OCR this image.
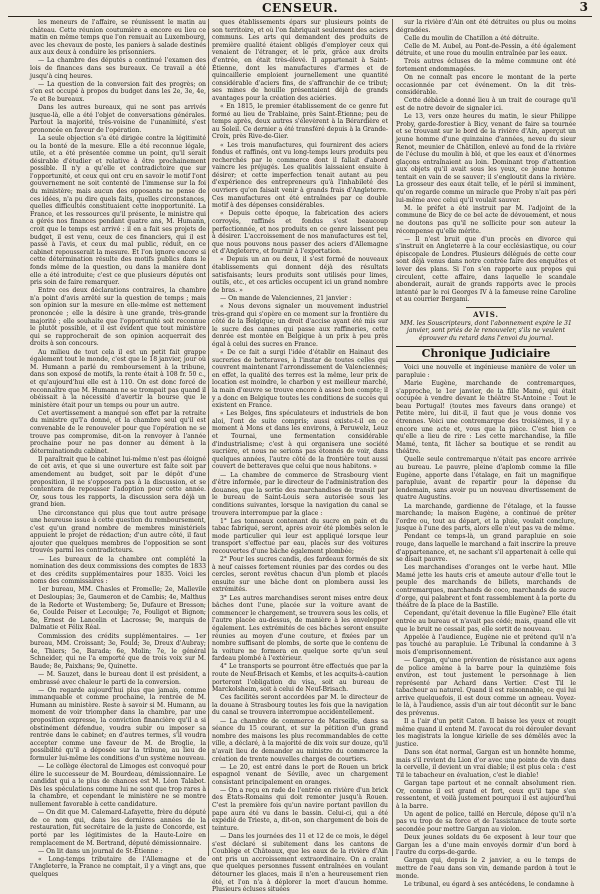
CENSEUR.	3

les meneurs de l'affaire, se réunissent le matin au château. Cette réunion coutumière a encore eu lieu ce matin en même temps que l'on remuait au Luxembourg, avec les chevaux de poste, les paniers à salade destinés aux aux deux à conduire les prisonniers.

— La chambre des députés a continué l'examen des lois de finances dans ses bureaux. Ce travail a été jusqu'à cinq heures.

— La question de la conversion fait des progrès; on s'en est occupé à propos du budget dans les 2e, 3e, 4e, 7e et 8e bureaux.

Dans les autres bureaux, qui ne sont pas arrivés jusque-là, elle a été l'objet de conversations générales. Partout la majorité, très-voisine de l'unanimité, s'est prononcée en faveur de l'opération.

La seule objection s'a été dirigée contre la légitimité ou la bonté de la mesure. Elle a été reconnue légale, utile, et a été présentée comme un point, qu'il serait désirable d'étudier et relative à être prochainement possible. Il n'y a qu'elle et contradictoire que sur l'opportunité, et ceux qui ont cru en savoir le motif l'ont gouvernement ne soit contenté de l'immense sur la foi du ministère; mais aucun des opposants ne pense de ces idées, n'a pu dire quels faits, quelles circonstances, quelles difficultés constituaient cette inopportunité. La France, et les ressources qu'il présente, le ministre qui a gérés nos finances pendant quatre ans, M. Humann, croit que le temps est arrivé : il en a fait ses projets de budget, il est venu, ceux de ces financiers, qui il est passé à l'avis, et ceux du mal public, réduit, en ce cabinet repousserait la mesure. Et l'on ignore encore si cette détermination résulte des motifs publics dans le fonds même de la question, ou dans la manière dont elle a été introduite; c'est ce que plusieurs députés ont pris soin de faire remarquer.

Entre ces deux déclarations contraires, la chambre n'a point d'avis arrêté sur la question de temps ; mais son opinion sur la mesure en elle-même est nettement prononcée ; elle la désire à une grande, très-grande majorité ; elle souhaite que l'opportunité soit reconnue le plutôt possible, et il est évident que tout ministère qui se rapprocherait de son opinion acquerrait des droits à son concours.

Au milieu de tout cela il est un petit fait grappe également tout le monde, c'est que le 18 janvier, jour où M. Humann a parlé du remboursement à la tribune, dans son exposé de motifs, la rente était à 108 fr. 50 c., et qu'aujourd'hui elle est à 110. On est donc forcé de reconnaître que M. Humann ne se trompait pas quand il obéissait à la nécessité d'avertir la bourse que le ministère était pour un temps ou pour un autre.

Cet avertissement a manqué son effet par la retraite du ministre qu'l'a donné, et la chambre seul qu'il est convenable de le renouveler pour que l'opération ne se trouve pas compromise, dit-on la renvoyer à l'année prochaine pour ne pas donner au dément à la déterminationdu cabinet.

Il paraîtrait que le cabinet lui-même n'est pas éloigné de cet avis, et que si une ouverture est faite soit par amendement au budget, soit par le dépôt d'une proposition, il ne s'opposera pas à la discussion, et se contentera de repousser l'adoption pour cette année. Or, sous tous les rapports, la discussion sera déjà un grand bien.

Une circonstance qui plus que tout autre présage une heureuse issue à cette question du remboursement, c'est qu'un grand nombre de membres ministériels appuient le projet de rédaction; d'un autre côté, il faut ajouter que quelques membres de l'opposition se sont trouvés parmi les contradicteurs.

— Les bureaux de la chambre ont complété la nomination des deux commissions des comptes de 1833 et des crédits supplémentaires pour 1835. Voici les noms des commissaires :

1er bureau, MM. Chasles et Fromelle; 2e, Mallevile et Desloupias; 3e, Gaumeron et de Cambis; 4e, Malthus de la Redorte et Wustemberg; 5e, Dufaure et Bresson; 6e, Coulde Peiser et Lecoulge; 7e, Fouligot et Bignon; 8e, Ernest de Lancelin et Lacrosse; 9e, marquis de Dalmatie et Félix Réal.

Commission des crédits supplémentaires. — 1er bureau, MM. Croissant; 3e, Fould; 3e, Dreux d'Aubray; 4e, Thiers; 5e, Barada; 6e, Molin; 7e, le général Schneider, qui ne l'a emporté que de trois voix sur M. Baude; 8e, Paixhans; 9e, Quinette.

— M. Sauzet, dans le bureau dont il est président, a embrassé avec chaleur le parti de la conversion.

— On regarde aujourd'hui plus que jamais, comme immanquable et comme prochaine, la rentrée de M. Humann au ministère. Reste à savoir si M. Humann, au moment de voir triompher dans la chambre, par une proposition expresse, la conviction financière qu'il a si obstinément défendue, voudra subir ou imposer sa rentrée dans le cabinet; en d'autres termes, s'il voudra accepter comme une faveur de M. de Broglie, la possibilité qu'il a déposée sur la tribune, au lieu de formuler lui-même les conditions d'un système nouveau.

— Le collège électoral de Limoges est convoqué pour élire le successeur de M. Bourdeau, démissionnaire. Le candidat qui a le plus de chances est M. Léon Talabot. Dès les spéculations comme lui ne sont que trop rares à la chambre, et cependant le ministère ne se montre nullement favorable à cette candidature.

— On dit que M. Calemard-Lafayette, frère du député de ce nom qui, dans les dernières années de la restauration, fut secrétaire de la juste de Concorde, est porté par les légitimistes de la Haute-Loire en remplacement de M. Bertrand, député démissionnaire.

— On lit dans un journal de St-Étienne :

« Long-temps tributaire de l'Allemagne et de l'Angleterre, la France ne comptait, il y a vingt ans, que quelques

ques établissements épars sur plusieurs points de son territoire, et où l'on fabriquait seulement des aciers communs. Les arts qui demandent des produits de première qualité étaient obligés d'employer ceux qui venaient de l'étranger, et le prix, grâce aux droits d'entrée, en était très-élevé. Il appartenait à Saint-Étienne, dont les manufactures d'armes et de quincaillerie emploient journellement une quantité considérable d'aciers fins, de s'affranchir de ce tribut; ses mines de houille présentaient déjà de grands avantages pour la création des aciéries.

« En 1815, le premier établissement de ce genre fut formé au lieu de Trablaine, près Saint-Étienne; peu de temps après, deux autres s'élevèrent à la Bérardière et au Soleil. Ce dernier a été transféré depuis à la Grande-Croix, près Rive-de-Gier.

« Les trois manufactures, qui fournirent des aciers fondus et raffinés, ont vu long-temps leurs produits peu recherchés par le commerce dont il fallait d'abord vaincre les préjugés. Les qualités laissaient ensuite à désirer; et cette imperfection tenait autant au peu d'expérience des entrepreneurs qu'à l'inhabileté des ouvriers qu'on faisait venir à grands frais d'Angleterre. Ces manufactures ont été entraînées par ce double motif à des dépenses considérables.

« Depuis cette époque, la fabrication des aciers corroyés, raffinés et fondus s'est beaucoup perfectionnée, et nos produits en ce genre laissent peu à désirer. L'accroissement de nos manufactures est tel, que nous pouvons nous passer des aciers d'Allemagne et d'Angleterre, et fournir à l'exportation.

« Depuis un an ou deux, il s'est formé de nouveaux établissements qui donnent déjà des résultats satisfaisants; leurs produits sont utilisés pour limes, outils, etc., et ces articles occupent ici un grand nombre de bras. »

— On mande de Valenciennes, 21 janvier :

« Nous devons signaler un mouvement industriel très-grand qui s'opère en ce moment sur la frontière du côté de la Belgique; un droit d'accise ayant été mis sur le sucre des cannes qui passe aux raffineries, cette denrée est montée en Belgique à un prix à peu près égal à celui des sucres en France.

« De ce fait a surgi l'idée d'établir en Hainaut des sucreries de betteraves, à l'instar de toutes celles qui couvrent maintenant l'arrondissement de Valenciennes; en effet, la qualité des terres est la même, leur prix de location est moindre, le charbon y est meilleur marché, la main d'œuvre se trouve encore à assez bon compte; il y a donc en Belgique toutes les conditions de succès qui existent en France.

« Les Belges, fins spéculateurs et industriels de bon aloi, l'ont de suite compris; aussi existe-t-il en ce moment à Mons et dans les environs, à Peruwelz, Leuz et Tournai, une fermentation considérable d'industrialisme; c'est à qui organisera une société sucrière, et nous ne serions pas étonnés de voir, dans quelques années, l'autre côté de la frontière tout aussi couvert de betteraves que celui que nous habitons. »

— La chambre de commerce de Strasbourg vient d'être informée, par le directeur de l'administration des douanes, que la sortie des marchandises de transit par le bureau de Saint-Louis sera autorisée sous les conditions suivantes, lorsque la navigation du canal se trouvera interrompue par la glace :

1° Les tonneaux contenant du sucre en pain et du tabac fabriqué, seront, après avoir été plombés selon le mode particulier qui leur est appliqué lorsque leur transport s'effectue par eau, placés sur des voitures recouvertes d'une bâche également plombée;

2° Pour les sucres candis, des fardeaux formés de six à neuf caisses fortement réunies par des cordes ou des cercles, seront revêtus chacun d'un plomb et placés ensuite sur une bâche dont on plombera aussi les extrémités.

3° Les autres marchandises seront mises entre deux bâches dont l'une, placée sur la voiture avant de commencer le chargement, se trouvera sous les colis, et l'autre placée au-dessus, de manière à les envelopper également. Les extrémités de ces bâches seront ensuite réunies au moyen d'une couture, et fixées par un nombre suffisant de plombs, de sorte que le contenu de la voiture ne formera en quelque sorte qu'un seul fardeau plombé à l'extérieur.

4° Le transports se pourront être effectués que par la route de Neuf-Brisach et Kembs, et les acquits-à-caution porteront l'obligation du visa, soit au bureau de Marckolsheim, soit à celui de Neuf-Brisach.

Ces facilités seront accordées par M. le directeur de la douane à Strasbourg toutes les fois que la navigation du canal se trouvera interrompue accidentellement.

— La chambre de commerce de Marseille, dans sa séance du 15 courant, et sur la pétition d'un grand nombre des maisons les plus recommandables de cette ville, a déclaré, à la majorité de dix voix sur douze, qu'il n'avait lieu de demander au ministre du commerce la création de trente nouvelles charges de courtiers.

— Le 20, est entré dans le port de Rouen un brick espagnol venant de Séville, avec un chargement consistant principalement en oranges.

— On a reçu en rade de l'entrée en rivière d'un brick des États-Romains qui doit remonter jusqu'à Rouen. C'est la première fois qu'un navire portant pavillon du pape aura été vu dans le bassin. Celui-ci, qui a été expédié de Trieste, a, dit-on, son chargement de bois de teinture.

— Dans les journées des 11 et 12 de ce mois, le dégel s'est déclaré si subitement dans les cantons de Coublège et Châteaux, que les eaux de la rivière d'Ain ont pris un accroissement extraordinaire. On a craint que quelques personnes fussent entraînées en voulant détourner les glaces, mais il n'en a heureusement rien été, et l'on n'a à déplorer la mort d'aucun homme. Plusieurs écluses situées

sur la rivière d'Ain ont été détruites ou plus ou moins dégradées.

Celle du moulin de Chatillon a été détruite.

Celle de M. Aubel, au Pont-de-Pessin, a été également détruite, et une roue du moulin entraînée par les eaux.

Trois autres écluses de la même commune ont été fortement endommagées.

On ne connaît pas encore le montant de la perte occasionnée par cet événement. On la dit très-considérable.

Cette débâcle a donné lieu à un trait de courage qu'il est de notre devoir de signaler ici.

Le 13, vers onze heures du matin, le sieur Philippe Proby, garde-forestier à Bicy, venant de faire sa tournée et se trouvant sur le bord de la rivière d'Ain, aperçut un jeune homme d'une quinzaine d'années, neveu du sieur Renot, meunier de Châtillon, enlevé au fond de la rivière de l'écluse du moulin à blé, et que les eaux et d'énormes glaçons entraînaient au loin. Dominant trop d'attention aux objets qu'il avait sous les yeux, ce jeune homme tentait en vain de se sauver; il s'engloutit dans la rivière. La grosseur des eaux était telle, et le péril si imminent, qu'on regarde comme un miracle que Proby n'ait pas péri lui-même avec celui qu'il voulait sauver.

M. le préfet a été instruit par M. l'adjoint de la commune de Bicy de ce bel acte de dévouement, et nous ne doutons pas qu'il ne sollicite pour son auteur la récompense qu'elle mérite.

— Il n'est bruit que d'un procès en divorce qui s'instruit en Angleterre à la cour ecclésiastique, ou cour épiscopale de Londres. Plusieurs délégués de cette cour sont déjà venus dans notre contrée faire des enquêtes et lever des plans. Si l'on s'en rapporte aux propos qui circulent, cette affaire, dans laquelle le scandale abonderait, aurait de grands rapports avec le procès intenté par le roi Georges IV à la fameuse reine Caroline et au courrier Bergami.

AVIS.
MM. les Souscripteurs, dont l'abonnement expire le 31 janvier, sont priés de le renouveler, s'ils ne veulent éprouver du retard dans l'envoi du journal.
Chronique Judiciaire

Voici une nouvelle et ingénieuse manière de voler un parapluie :

Marie Eugène, marchande de contremarques, s'approche, le 1er janvier, de la fille Mamé, qui était occupée à vendre devant le théâtre St-Antoine : Tout le beau Portugal! (toutes mes faveurs dans orange) et Petite mère, lui dit-il, il faut que je vous donne vos étrennes. Voici une contremarque des troisièmes, il y a encore une acte et, vous que la pièce. C'est bien ce qu'elle a lieu de rire : Les cette marchandise, la fille Mamé, tenta, fit lâcher sa boutique et se rendit au théâtre.

Quelle seule contremarque n'était pas encore arrivée au bureau. Le pauvre, pleine d'aplomb comme la fille Eugène, apporte dans l'étalage, en fait un magnifique parapluie, avant de repartir pour la dépense du lendemain, sans avoir pu un nouveau divertissement de quatre Augustins.

La marchande, gardienne de l'étalage, et la fausse marchande; la maison Eugène, a continué de prêter l'ordre ou, tout au départ, et la pluie, voulait conclure, jusque à l'une des parts, alors elle n'eut pas va de même.

Pendant ce temps-là, un grand parapluie en soie rouge, dans laquelle le marchand a fait inscrire la preuve d'appartenance, et, ne sachant s'il appartenait à celle qui se disait pauvre.

Les marchandises d'oranges ont le verbe haut. Mlle Mamé jette les hauts cris et ameute autour d'elle tout le peuple des marchands de billets, marchands de contremarques, marchands de coco, marchands de sucre d'orge, qui palabrent et font rassemblement à la porte du théâtre de la place de la Bastille.

Cependant, qu'était devenue la fille Eugène? Elle était entrée au bureau et n'avait pas cédé; mais, quand elle vit que le bruit ne cessait pas, elle sortit de nouveau.

Appelée à l'audience, Eugène nie et prétend qu'il n'a pas touché au parapluie. Le Tribunal la condamne à 3 mois d'emprisonnement.

— Gargan, qu'une prévention de résistance aux agens de police amène à la barre pour la quinzième fois environ, est tout justement le personnage à lien représenté par Achard dans Vertier. C'est Til le tabacheur au naturel. Quand il est raisonnable, ce qui lui arrive quelquefois, il est doux comme un agneau. Voyez-le là, à l'audience, assis d'un air tout décontit sur le banc des prévenus.

Il a l'air d'un petit Caton. Il baisse les yeux et rougit même quand il entend M. l'avocat du roi dérouler devant les magistrats la longue kirielle de ses démêlés avec la justice.

Dans son état normal, Gargan est un honnête homme, mais s'il revient du Lion d'or avec une pointe de vin dans la cervelle, il devient un vrai diable; il est plus cela : c'est Til le tabacheur en évaluation, c'est le diable!

Gargan tape partout et ne connaît absolument rien. Or, comme il est grand et fort, ceux qu'il tape s'en ressentent, et voilà justement pourquoi il est aujourd'hui à la barre.

Un agent de police, taillé en Hercule, dépose qu'il n'a pas vu trop de sa force et de l'assistance de toute sorte secondée pour mettre Gargan au violon.

Deux jeunes soldats du 6e exposent à leur tour que Gargan les a d'une main envoyés dormir d'un bord à l'autre du corps-de-garde.

Gargan qui, depuis le 2 janvier, a eu le temps de mettre de l'eau dans son vin, demande pardon à tout le monde.

Le tribunal, eu égard à ses antécédens, le condamne à
